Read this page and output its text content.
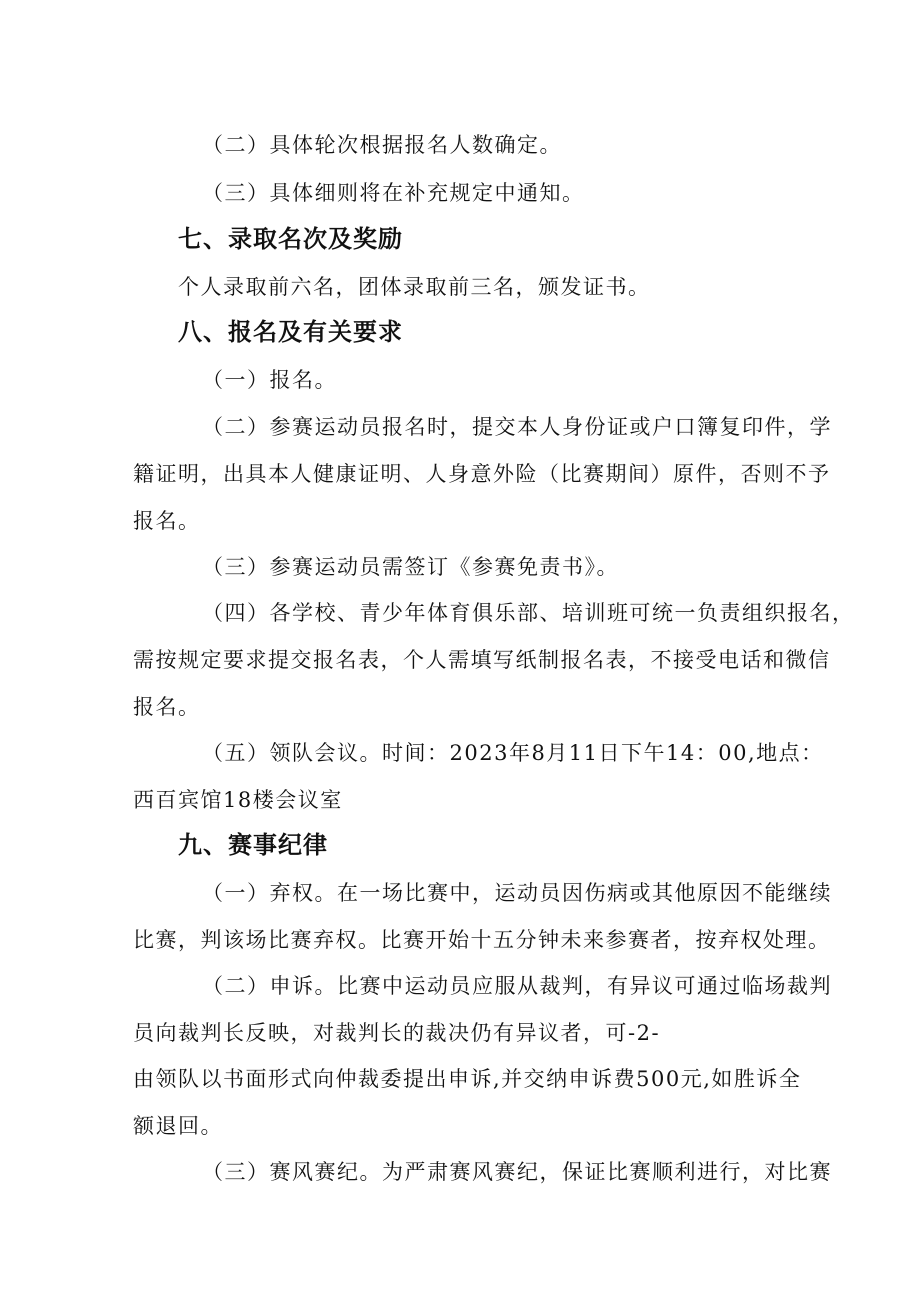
（二）具体轮次根据报名人数确定。
（三）具体细则将在补充规定中通知。
七、录取名次及奖励
个人录取前六名，团体录取前三名，颁发证书。
八、报名及有关要求
（一）报名。
（二）参赛运动员报名时，提交本人身份证或户口簿复印件，学
籍证明，出具本人健康证明、人身意外险（比赛期间）原件，否则不予
报名。
（三）参赛运动员需签订《参赛免责书》。
（四）各学校、青少年体育俱乐部、培训班可统一负责组织报名，
需按规定要求提交报名表，个人需填写纸制报名表，不接受电话和微信
报名。
（五）领队会议。时间：2023年8月11日下午14：00,地点：
西百宾馆18楼会议室
九、赛事纪律
（一）弃权。在一场比赛中，运动员因伤病或其他原因不能继续
比赛，判该场比赛弃权。比赛开始十五分钟未来参赛者，按弃权处理。
（二）申诉。比赛中运动员应服从裁判，有异议可通过临场裁判
员向裁判长反映，对裁判长的裁决仍有异议者，可-2-
由领队以书面形式向仲裁委提出申诉,并交纳申诉费500元,如胜诉全
额退回。
（三）赛风赛纪。为严肃赛风赛纪，保证比赛顺利进行，对比赛
